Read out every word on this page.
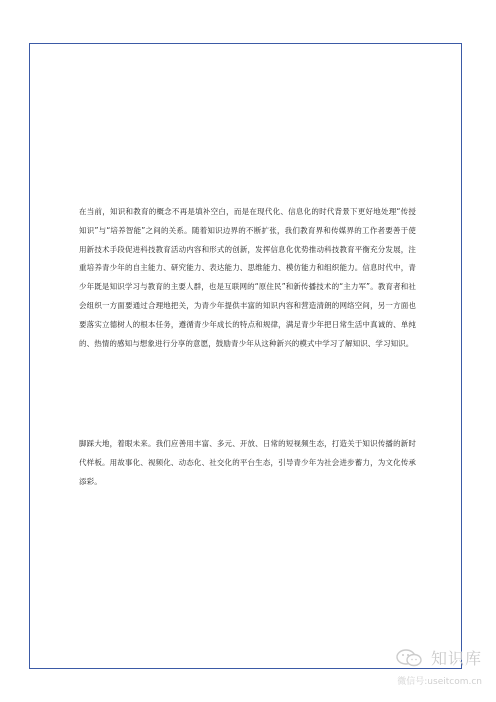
在当前，知识和教育的概念不再是填补空白，而是在现代化、信息化的时代背景下更好地处理“传授知识”与“培养智能”之间的关系。随着知识边界的不断扩张，我们教育界和传媒界的工作者要善于使用新技术手段促进科技教育活动内容和形式的创新，发挥信息化优势推动科技教育平衡充分发展，注重培养青少年的自主能力、研究能力、表达能力、思维能力、模仿能力和组织能力。信息时代中，青少年既是知识学习与教育的主要人群，也是互联网的“原住民”和新传播技术的“主力军”。教育者和社会组织一方面要通过合理地把关，为青少年提供丰富的知识内容和营造清朗的网络空间，另一方面也要落实立德树人的根本任务，遵循青少年成长的特点和规律，满足青少年把日常生活中真诚的、单纯的、热情的感知与想象进行分享的意愿，鼓励青少年从这种新兴的模式中学习了解知识、学习知识。
脚踩大地，着眼未来。我们应善用丰富、多元、开放、日常的短视频生态，打造关于知识传播的新时代样板。用故事化、视频化、动态化、社交化的平台生态，引导青少年为社会进步蓄力，为文化传承添彩。
知识库
微信号:useitcom.cn
